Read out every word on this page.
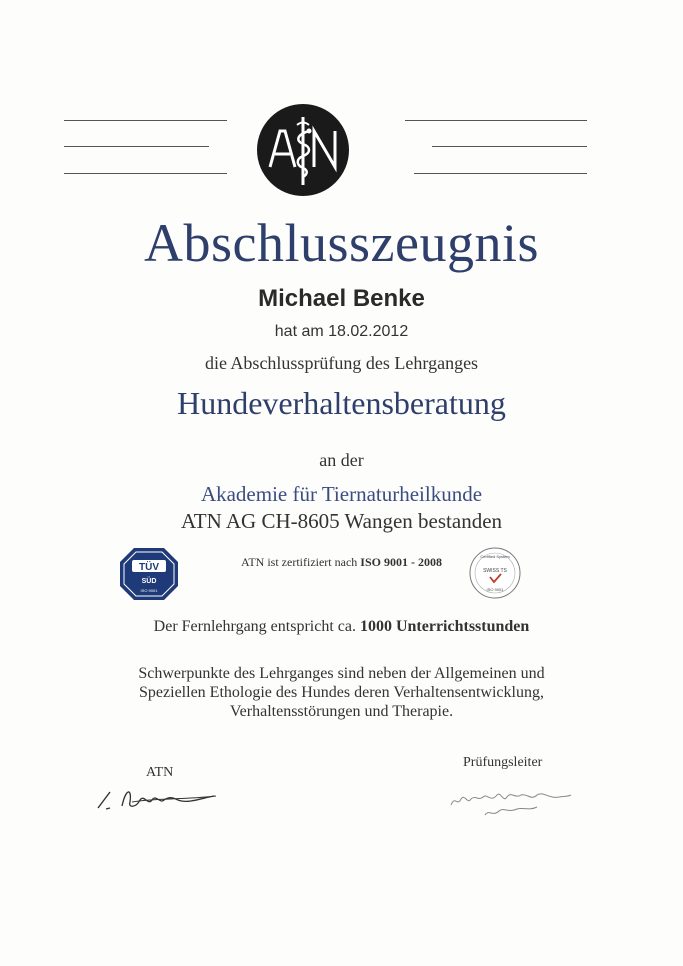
Abschlusszeugnis
Michael Benke
hat am 18.02.2012
die Abschlussprüfung des Lehrganges
Hundeverhaltensberatung
an der
Akademie für Tiernaturheilkunde
ATN AG CH-8605 Wangen bestanden
TÜV
SÜD
ISO 9001
ATN ist zertifiziert nach ISO 9001 - 2008	Certified System
SWISS TS
ISO 9001
Der Fernlehrgang entspricht ca. 1000 Unterrichtsstunden
Schwerpunkte des Lehrganges sind neben der Allgemeinen und
Speziellen Ethologie des Hundes deren Verhaltensentwicklung,
Verhaltensstörungen und Therapie.
ATN
Prüfungsleiter
